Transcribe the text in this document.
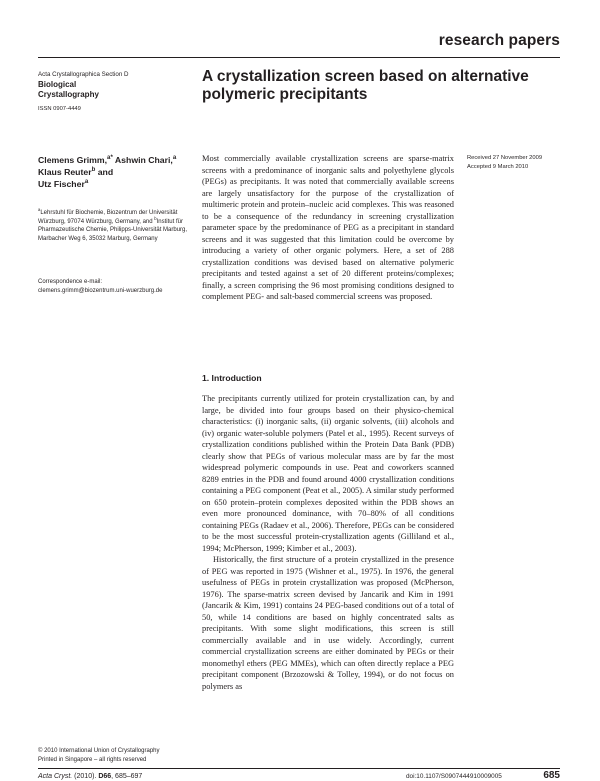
research papers
Acta Crystallographica Section D
Biological
Crystallography
ISSN 0907-4449
A crystallization screen based on alternative polymeric precipitants
Clemens Grimm,$^{a*}$ Ashwin Chari,$^a$ Klaus Reuter$^b$ and
Utz Fischer$^a$
$^a$Lehrstuhl für Biochemie, Biozentrum der Universität Würzburg, 97074 Würzburg, Germany, and $^b$Institut für Pharmazeutische Chemie, Philipps-Universität Marburg, Marbacher Weg 6, 35032 Marburg, Germany
Correspondence e-mail:
clemens.grimm@biozentrum.uni-wuerzburg.de
Received 27 November 2009
Accepted 9 March 2010
Most commercially available crystallization screens are sparse-matrix screens with a predominance of inorganic salts and polyethylene glycols (PEGs) as precipitants. It was noted that commercially available screens are largely unsatisfactory for the purpose of the crystallization of multimeric protein and protein–nucleic acid complexes. This was reasoned to be a consequence of the redundancy in screening crystallization parameter space by the predominance of PEG as a precipitant in standard screens and it was suggested that this limitation could be overcome by introducing a variety of other organic polymers. Here, a set of 288 crystallization conditions was devised based on alternative polymeric precipitants and tested against a set of 20 different proteins/complexes; finally, a screen comprising the 96 most promising conditions designed to complement PEG- and salt-based commercial screens was proposed.
1. Introduction

The precipitants currently utilized for protein crystallization can, by and large, be divided into four groups based on their physico-chemical characteristics: (i) inorganic salts, (ii) organic solvents, (iii) alcohols and (iv) organic water-soluble polymers (Patel et al., 1995). Recent surveys of crystallization conditions published within the Protein Data Bank (PDB) clearly show that PEGs of various molecular mass are by far the most widespread polymeric compounds in use. Peat and coworkers scanned 8289 entries in the PDB and found around 4000 crystallization conditions containing a PEG component (Peat et al., 2005). A similar study performed on 650 protein–protein complexes deposited within the PDB shows an even more pronounced dominance, with 70–80% of all conditions containing PEGs (Radaev et al., 2006). Therefore, PEGs can be considered to be the most successful protein-crystallization agents (Gilliland et al., 1994; McPherson, 1999; Kimber et al., 2003).

Historically, the first structure of a protein crystallized in the presence of PEG was reported in 1975 (Wishner et al., 1975). In 1976, the general usefulness of PEGs in protein crystallization was proposed (McPherson, 1976). The sparse-matrix screen devised by Jancarik and Kim in 1991 (Jancarik & Kim, 1991) contains 24 PEG-based conditions out of a total of 50, while 14 conditions are based on highly concentrated salts as precipitants. With some slight modifications, this screen is still commercially available and in use widely. Accordingly, current commercial crystallization screens are either dominated by PEGs or their monomethyl ethers (PEG MMEs), which can often directly replace a PEG precipitant component (Brzozowski & Tolley, 1994), or do not focus on polymers as

© 2010 International Union of Crystallography
Printed in Singapore – all rights reserved
Acta Cryst. (2010). D66, 685–697	doi:10.1107/S0907444910009005	685
